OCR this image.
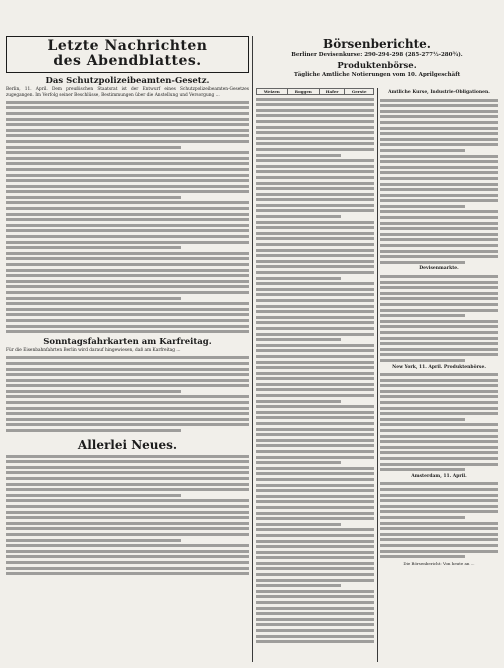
Letzte Nachrichten
des Abendblattes.
Das Schutzpolizeibeamten-Gesetz.

Berlin, 11. April. Dem preußischen Staatsrat ist der Entwurf eines Schutzpolizeibeamten-Gesetzes zugegangen. Im Verfolg seiner Beschlüsse, Bestimmungen über die Anstellung und Versorgung ...

Sonntagsfahrkarten am Karfreitag.

Für die Eisenbahnfahrten Berlin wird darauf hingewiesen, daß am Karfreitag ...

Allerlei Neues.
Börsenberichte.
Berliner Devisenkurse: 290-294-298 (285-277½-280¾).
Produktenbörse.
Tägliche Amtliche Notierungen vom 10. Aprilgeschäft
Weizen	Roggen	Hafer	Gerste	Amtliche Kurse, Industrie-Obligationen.
Devisenmarkte.
New York, 11. April. Produktenbörse.
Amsterdam, 11. April.
Die Börsenbericht: Von heute an ...
